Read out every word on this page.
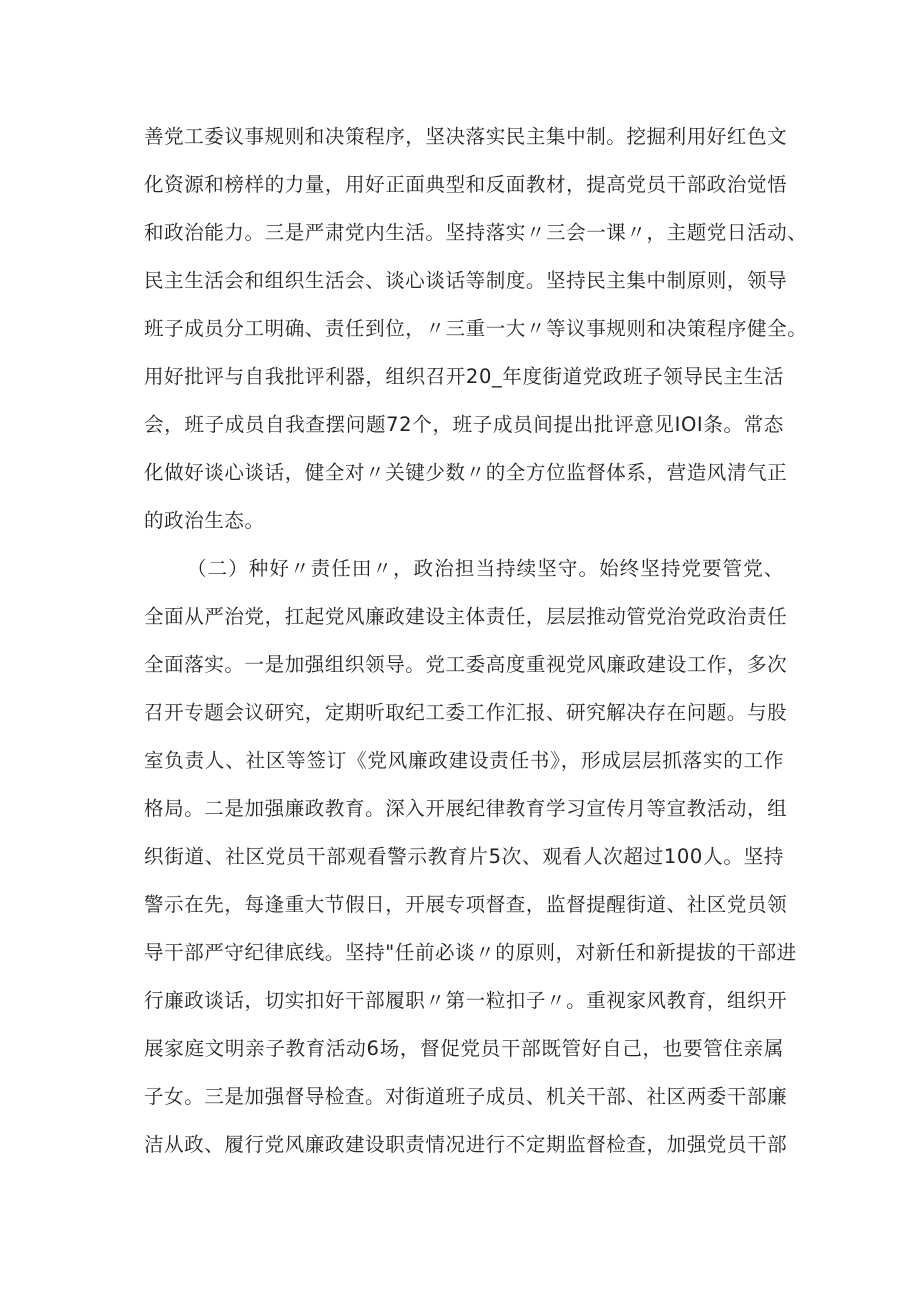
善党工委议事规则和决策程序，坚决落实民主集中制。挖掘利用好红色文
化资源和榜样的力量，用好正面典型和反面教材，提高党员干部政治觉悟
和政治能力。三是严肃党内生活。坚持落实〃三会一课〃，主题党日活动、
民主生活会和组织生活会、谈心谈话等制度。坚持民主集中制原则，领导
班子成员分工明确、责任到位，〃三重一大〃等议事规则和决策程序健全。
用好批评与自我批评利器，组织召开20_年度街道党政班子领导民主生活
会，班子成员自我查摆问题72个，班子成员间提出批评意见IOI条。常态
化做好谈心谈话，健全对〃关键少数〃的全方位监督体系，营造风清气正
的政治生态。
（二）种好〃责任田〃，政治担当持续坚守。始终坚持党要管党、
全面从严治党，扛起党风廉政建设主体责任，层层推动管党治党政治责任
全面落实。一是加强组织领导。党工委高度重视党风廉政建设工作，多次
召开专题会议研究，定期听取纪工委工作汇报、研究解决存在问题。与股
室负责人、社区等签订《党风廉政建设责任书》，形成层层抓落实的工作
格局。二是加强廉政教育。深入开展纪律教育学习宣传月等宣教活动，组
织街道、社区党员干部观看警示教育片5次、观看人次超过100人。坚持
警示在先，每逢重大节假日，开展专项督查，监督提醒街道、社区党员领
导干部严守纪律底线。坚持"任前必谈〃的原则，对新任和新提拔的干部进
行廉政谈话，切实扣好干部履职〃第一粒扣子〃。重视家风教育，组织开
展家庭文明亲子教育活动6场，督促党员干部既管好自己，也要管住亲属
子女。三是加强督导检查。对街道班子成员、机关干部、社区两委干部廉
洁从政、履行党风廉政建设职责情况进行不定期监督检查，加强党员干部
